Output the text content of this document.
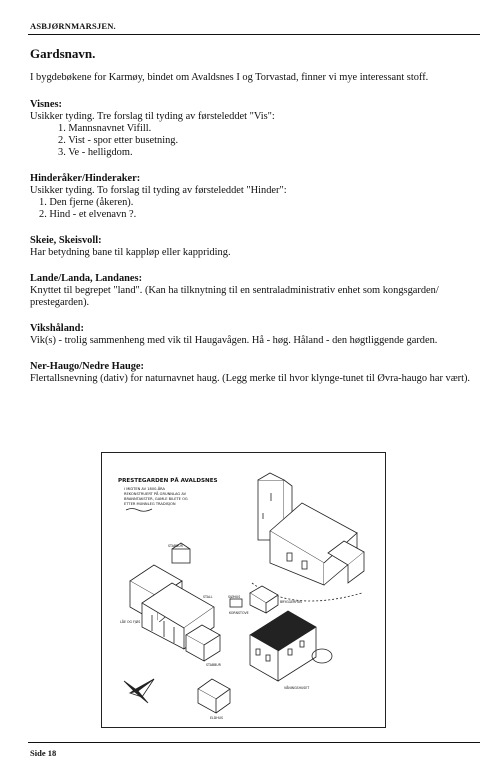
ASBJØRNMARSJEN.
Gardsnavn.
I bygdebøkene for Karmøy, bindet om Avaldsnes I og Torvastad, finner vi mye interessant stoff.
Visnes:
Usikker tyding. Tre forslag til tyding av førsteleddet "Vis":
1. Mannsnavnet Vifill.
2. Vist - spor etter busetning.
3. Ve - helligdom.
Hinderåker/Hinderaker:
Usikker tyding. To forslag til tyding av førsteleddet "Hinder":
1. Den fjerne (åkeren).
2. Hind - et elvenavn ?.
Skeie, Skeisvoll:
Har betydning bane til kappløp eller kappriding.
Lande/Landa, Landanes:
Knyttet til begrepet "land". (Kan ha tilknytning til en sentraladministrativ enhet som kongsgarden/ prestegarden).
Vikshåland:
Vik(s) - trolig sammenheng med vik til Haugavågen. Hå - høg. Håland - den høgtliggende garden.
Ner-Haugo/Nedre Hauge:
Flertallsnevning (dativ) for naturnavnet haug. (Legg merke til hvor klynge-tunet til Øvra-haugo har vært).
PRESTEGARDEN PÅ AVALDSNES
I MIDTEN AV 1800-ÅRA
REKONSTRUERT PÅ GRUNNLAG AV
BRANNTAKSTER, GAMLE BILETE OG
ETTER MUNNLEG TRADISJON
STABBUR
STALL	SJØHUS
KORNSTOVE
BRYGGERHUS
LÅE OG FJØS
STABBUR
VÅNINGSHUSET
ELDHUS
Side 18
